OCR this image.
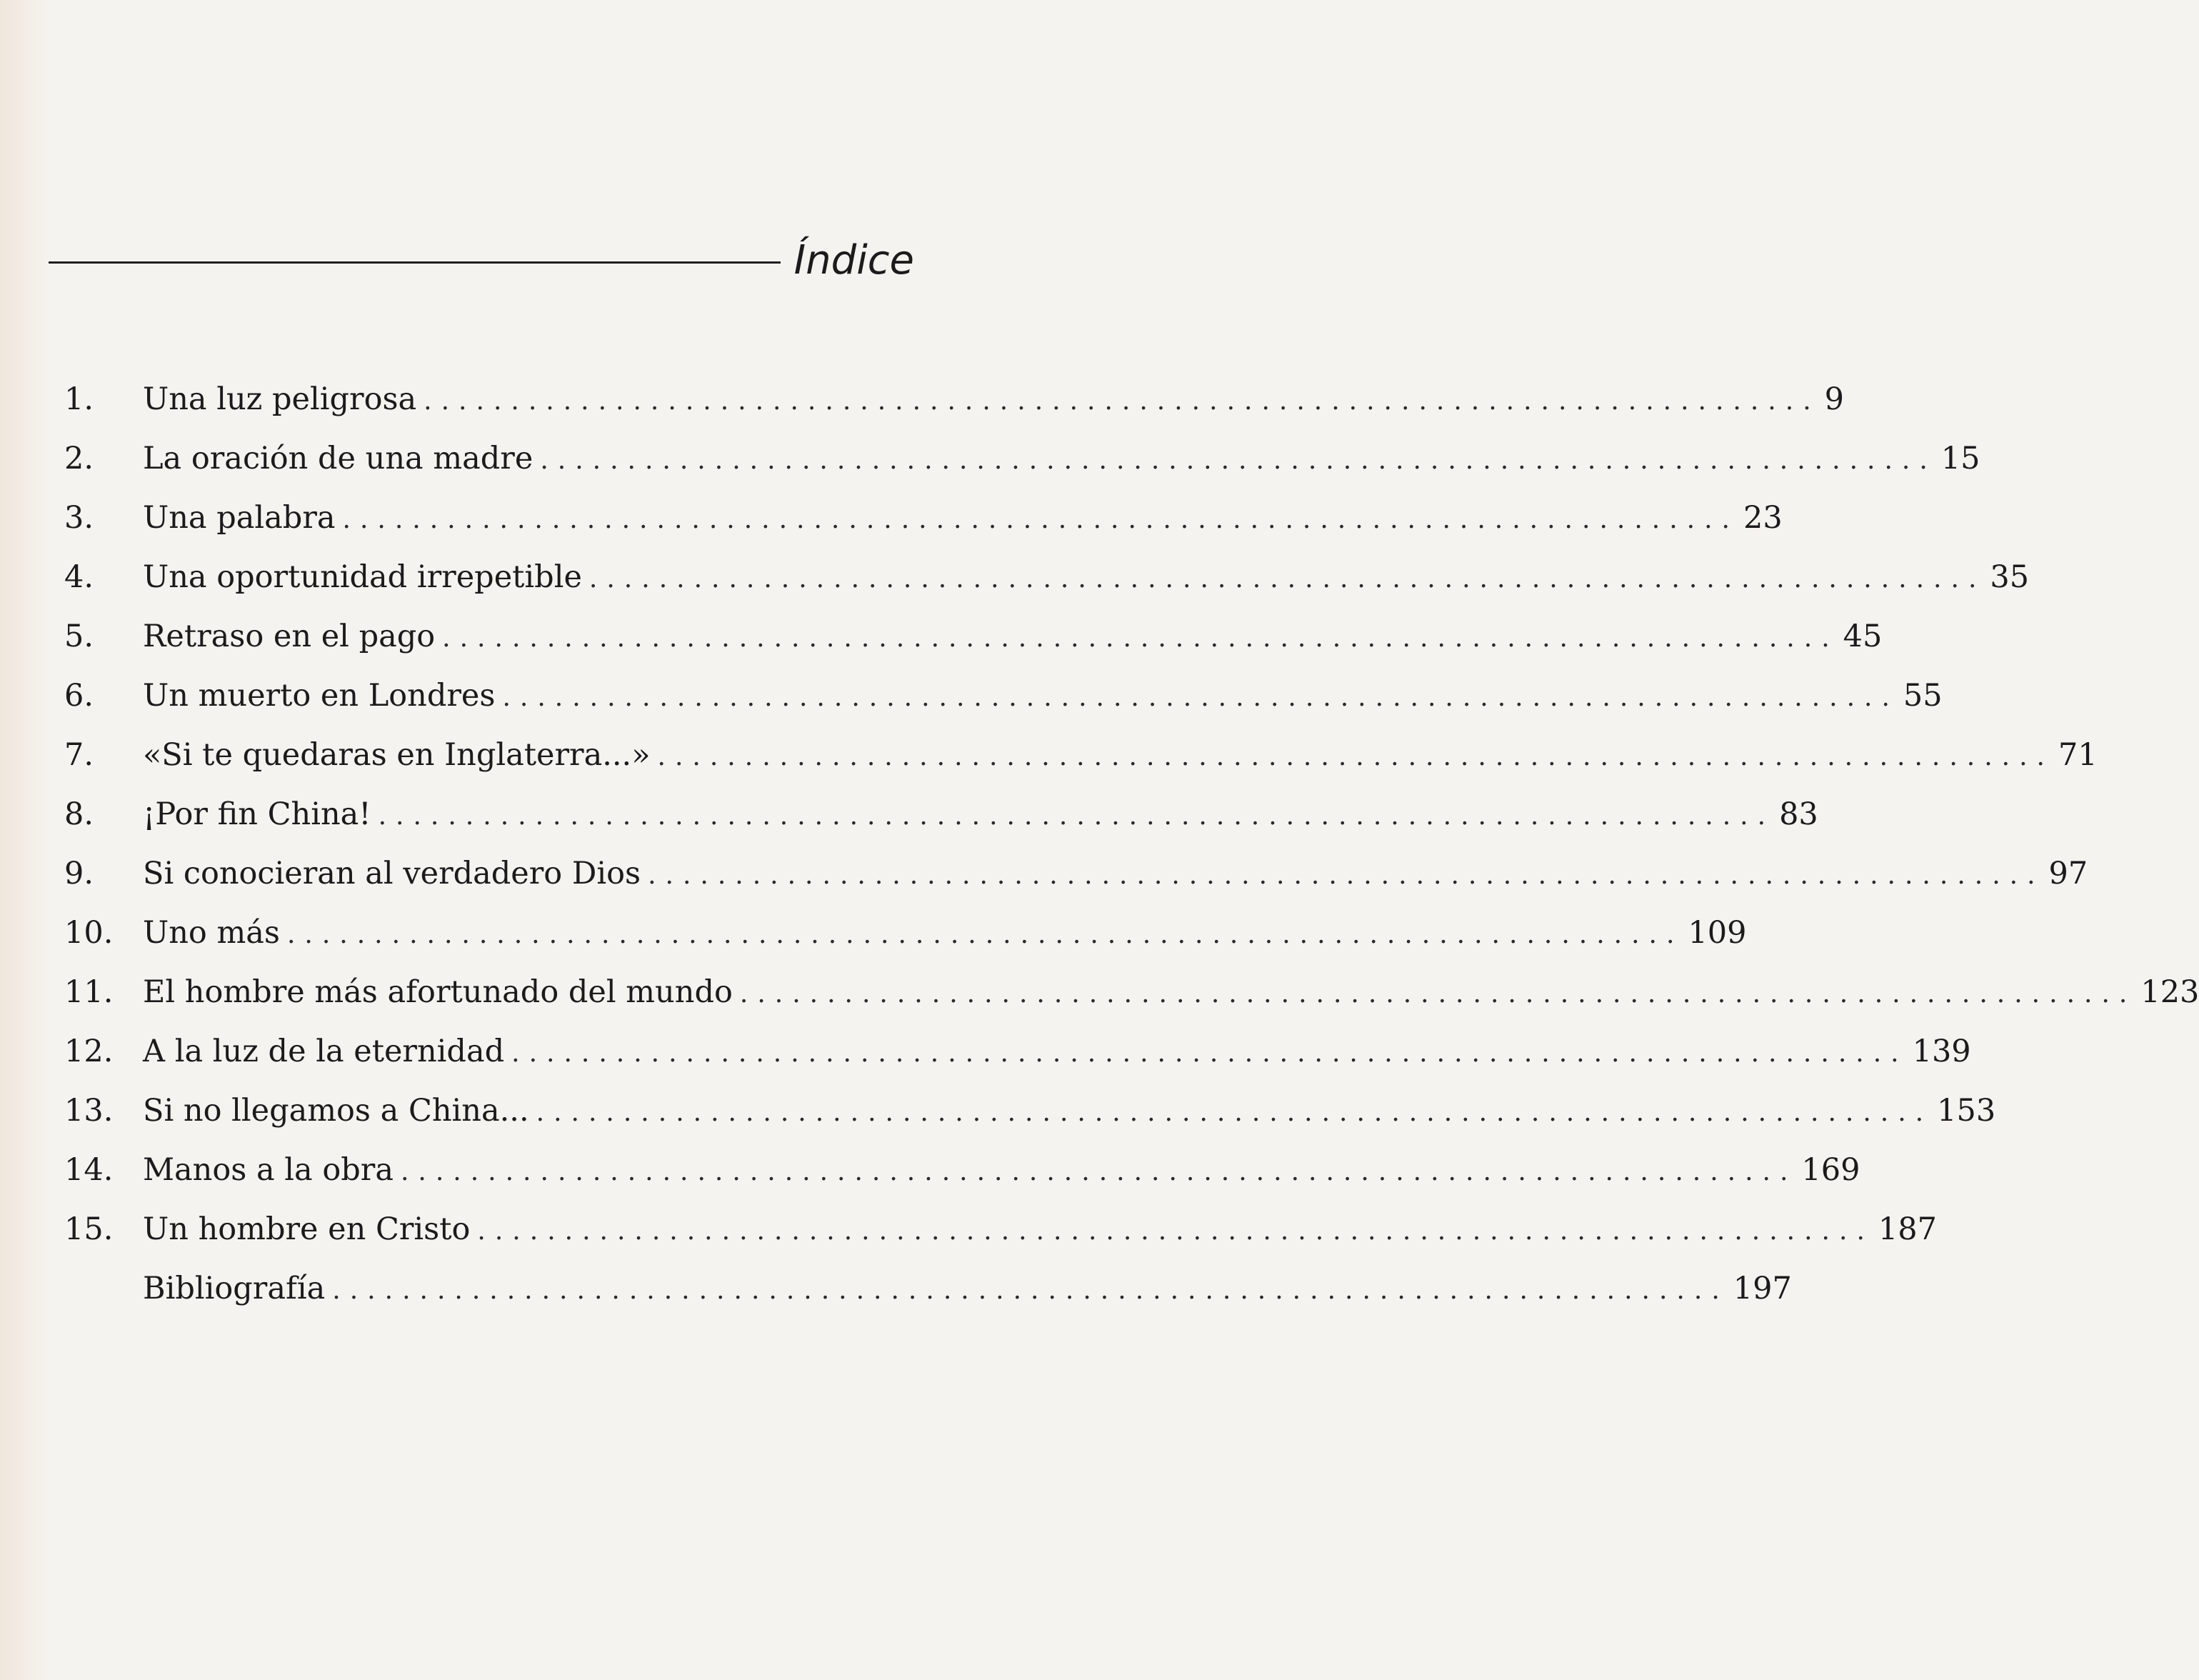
Índice
1.	Una luz peligrosa ................................................................................ 9
2.	La oración de una madre ................................................................................ 15
3.	Una palabra ................................................................................ 23
4.	Una oportunidad irrepetible ................................................................................ 35
5.	Retraso en el pago ................................................................................ 45
6.	Un muerto en Londres ................................................................................ 55
7.	«Si te quedaras en Inglaterra...» ................................................................................ 71
8.	¡Por fin China! ................................................................................ 83
9.	Si conocieran al verdadero Dios ................................................................................ 97
10. Uno más ................................................................................ 109
11. El hombre más afortunado del mundo ................................................................................ 123
12. A la luz de la eternidad ................................................................................ 139
13. Si no llegamos a China... ................................................................................ 153
14. Manos a la obra ................................................................................ 169
15. Un hombre en Cristo ................................................................................ 187
Bibliografía ................................................................................ 197
